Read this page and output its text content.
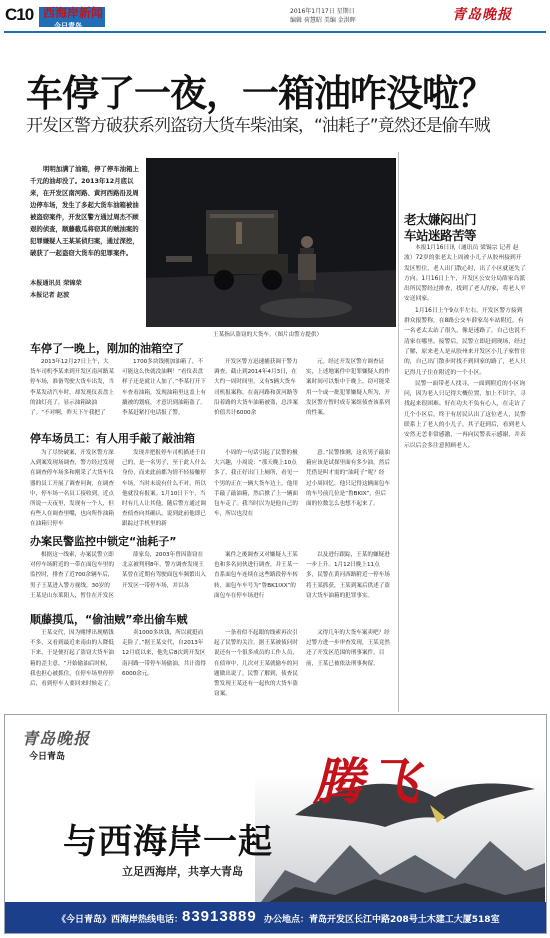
C10 西海岸新闻
今日青岛
2016年1月17日 星期日
编辑 荷慧昭 美编 金洪晖	青岛晚报
车停了一夜，一箱油咋没啦？
开发区警方破获系列盗窃大货车柴油案，“油耗子”竟然还是偷车贼

明明加满了油箱，停了停车油箱上千元的油却没了。2013年12月底以来，在开发区南河路、黄河西路沿及周边停车场，发生了多起大货车油箱被油被盗窃案件，开发区警方通过周杰不顾艰的侦查，顺藤截瓜将窃其的贼油案的犯罪嫌疑人王某某侦归案，通过深挖，破获了一起盗窃大货车的犯罪案件。

本报通讯员 荣锦荣
本报记者 赵波
王某指认盗窃的大货车。（图片由警方提供）
老太嫌闷出门
车站迷路苦等

本报1月16日讯（通讯员 梁锡宗 记者 赵波）72岁的张老太上周被小儿子从胶州接到开发区暂住，老人出门散心时，出了小区就迷失了方向。1月16日上午，开发区公安分局薛家岛派出所民警经过排查，找到了老人的家，将老人平安送回家。

1月16日上午9点半左右，开发区警方接到群众报警称，在8路公交车薛家岛车站附近，有一名老太太站了很久，像是迷路了，自己也说不清家在哪里。接警后，民警立即赶到现场，经过了解，原来老人是从胶州来开发区小儿子家暂住的，自己出门散步时找不到回家的路了，老人只记得儿子住在附近的一个小区。

民警一面带老人找寻，一面到附近的小区询问，因为老人只记得大概位置，加上不识字，寻找起来很困难。好在功夫不负有心人，在走访了几个小区后，终于有居民认出了这位老人，民警联系上了老人的小儿子，其子赶到后，看到老人安然无恙非常感激，一再向民警表示感谢，并表示以后会多注意照顾老人。

车停了一晚上，刚加的油箱空了

2013年12月27日上午，大货车司机李某来到开发区南河路某停车场，准备驾驶大货车出发，当李某发动汽车时，却发现仪表盘上的油灯亮了，显示油箱缺油了。“不对啊，昨天下午我把了

1700多块钱刚加油箱了，不可能这么快就没油啊！”看仪表盘样子还是就让人加了，”李某打开下车查看油箱，发现油箱里这盖上有撬被的划痕，才意识到油箱盗了。李某赶紧打电话报了警。

开发区警方迅速捕获调千警力调查。截止到2014年4月3日，在大约一周时间里，又有5辆大货车司机报案称，在南河路和黄河路等沿着路的大货车油箱被盗，总涉案价值共计6000余

元。经过开发区警方调查证实，上述地案件中犯罪嫌疑人的作案时间可以集中于晚上，窃可能采用一个或一批犯罪嫌疑人所为，开发区警方暂时成专案组侦查该系列的性案。

停车场员工：有人用手敲了敲油箱

为了尽快破案，开发区警方深入到案发现场调查，警方经过发现在调查停车场多和刚采了大货车仪器的员工开展了调查问询，在调查中，停车场一名员工接收到，近点所说一天夜里，发现有一个人，但有些人在调查里嘴，也向所作油箱在油箱只停车

发现并把报停车司机描述于自己的，是一名男子，至于此人什么身份，而来此前都为情不轻接触停车场，当时未说有什么不对，所以他就没有报案。1月10日下午，当时有几人让其他，随后警方通过调查侦查向其确认，说到此前他即已跟踪过手机里的新

小周的一句话引起了民警的极大兴趣，小周说：“那天晚上10点多了，我正好出门上厕所，看见一个男的正在一辆大货车边上，他用手敲了敲油箱，然后掀了上一辆面包车走了。我当时以为是他自己的车，所以也没在

意。”民警推测，这名男子敲油箱应该是试探里面有多少油，然后凭借是叫才需的“油耗子”呢？经过小周回忆，他只记得这辆面包车的车号前几位是“鲁BKIX”，但后面的位数怎么也想不起来了。

办案民警监控中锁定“油耗子”

根据这一线索，办案民警立即对停车场附近的一带在面包车里的监控时，排查了近700余辆车后，男子王某进入警方视线。30岁的王某是山东莱阳人，暂住在开发区

薛家岛，2003年曾因盗窃在北京被判刑8年。警方调查发现王某曾在近期有驾驶面包车频繁出入开发区一带停车场，并以各

案件之後调查又对嫌疑人王某也和多名同伙进行调查，并王某一直系面包车连续在这些路段停车转转，面包车车号为“鲁BK1IXX”的面包车在停车场进行

以及进行跟踪，王某的嫌疑进一步上升。1月12日晚上11点多，民警在黄河西路附近一停车场将王某抓获，王某到案后供述了盗窃大货车油箱的犯罪事实。

顺藤摸瓜，“偷油贼”牵出偷车贼

王某交代，因为赌博出现赌钱不多，又看到最近来南由的人降低下来，于是便打起了盗窃大货车油箱的歪主意。“开始偷油后时候，我也担心被抓住，在停车场里停停后，看到停车人要回来时候走了。

卖1000多块钱，所以就挺而走险了。”据王某交代，自2013年12月底以来，他先后8次到开发区南河路一带停车场偷油，共计盗得6000余元。

一条看似不起眼的线索再次引起了民警的关注。据王某被侦问时说还有一个很多成员的工作人员，在侦审中，几次对王某就偷车的问题做出说了，民警了解到，侦查民警发现王某还有一起伙的大货车盗窃案。

又得几年的大货车案卖吧？经过警方进一步审查发现，王某竟然还了开发区范围的刑事案件，目前，王某已被依法刑事拘留。

青岛晚报
今日青岛	腾飞
与西海岸一起
立足西海岸，共享大青岛
《今日青岛》西海岸热线电话：
83913889 办公地点：青岛开发区长江中路208号土木建工大厦518室
